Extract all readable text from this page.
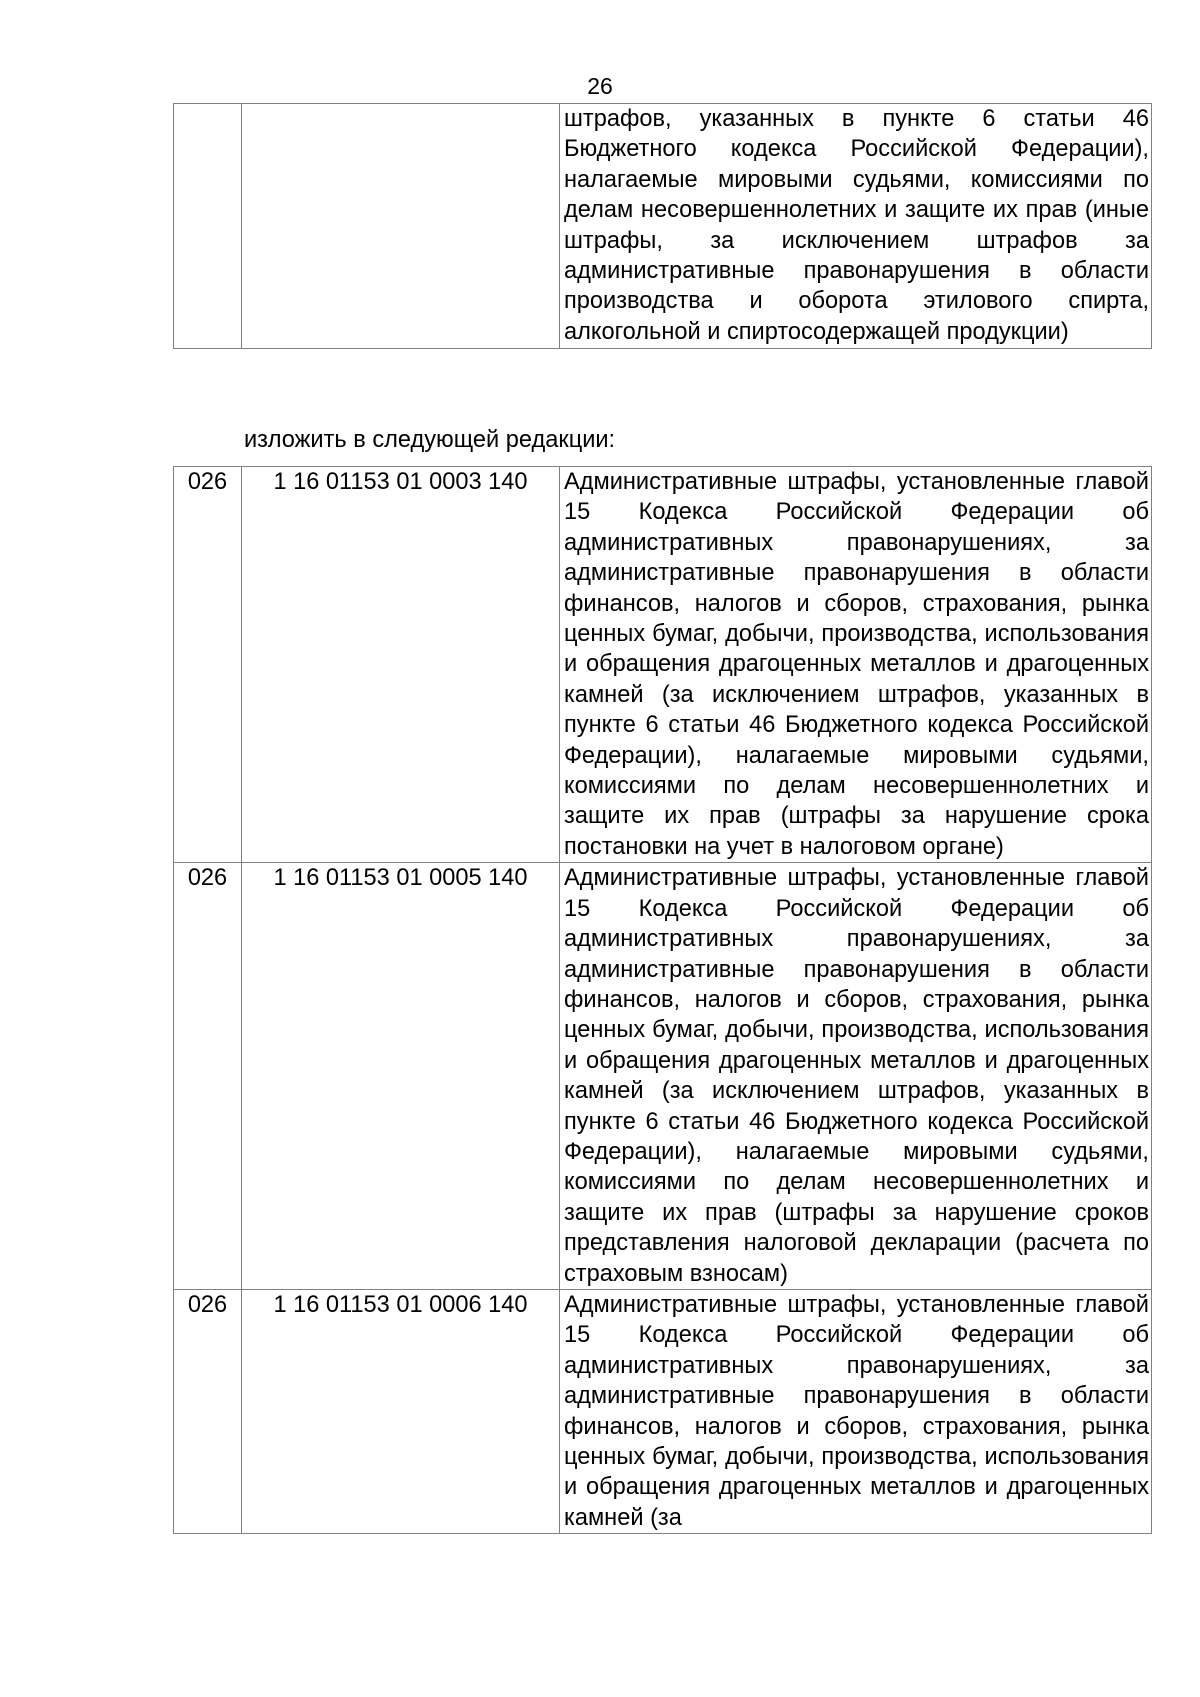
26
		штрафов, указанных в пункте 6 статьи 46 Бюджетного кодекса Российской Федерации), налагаемые мировыми судьями, комиссиями по делам несовершеннолетних и защите их прав (иные штрафы, за исключением штрафов за административные правонарушения в области производства и оборота этилового спирта, алкогольной и спиртосодержащей продукции)
изложить в следующей редакции:
026	1 16 01153 01 0003 140	Административные штрафы, установленные главой 15 Кодекса Российской Федерации об административных правонарушениях, за административные правонарушения в области финансов, налогов и сборов, страхования, рынка ценных бумаг, добычи, производства, использования и обращения драгоценных металлов и драгоценных камней (за исключением штрафов, указанных в пункте 6 статьи 46 Бюджетного кодекса Российской Федерации), налагаемые мировыми судьями, комиссиями по делам несовершеннолетних и защите их прав (штрафы за нарушение срока постановки на учет в налоговом органе)
026	1 16 01153 01 0005 140	Административные штрафы, установленные главой 15 Кодекса Российской Федерации об административных правонарушениях, за административные правонарушения в области финансов, налогов и сборов, страхования, рынка ценных бумаг, добычи, производства, использования и обращения драгоценных металлов и драгоценных камней (за исключением штрафов, указанных в пункте 6 статьи 46 Бюджетного кодекса Российской Федерации), налагаемые мировыми судьями, комиссиями по делам несовершеннолетних и защите их прав (штрафы за нарушение сроков представления налоговой декларации (расчета по страховым взносам)
026	1 16 01153 01 0006 140	Административные штрафы, установленные главой 15 Кодекса Российской Федерации об административных правонарушениях, за административные правонарушения в области финансов, налогов и сборов, страхования, рынка ценных бумаг, добычи, производства, использования и обращения драгоценных металлов и драгоценных камней (за
